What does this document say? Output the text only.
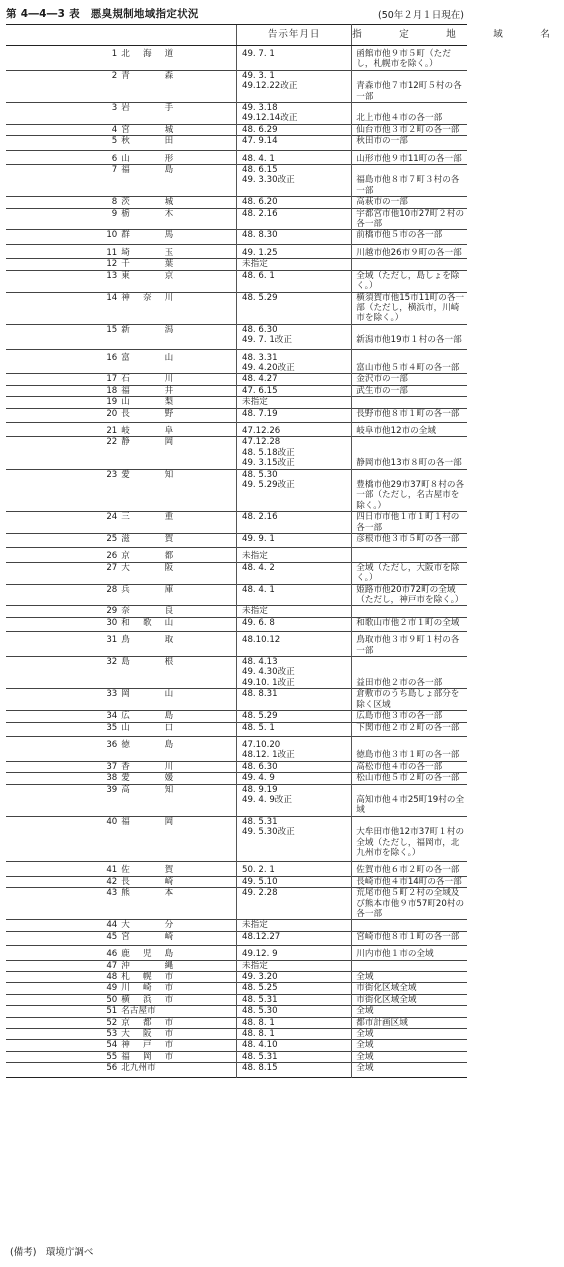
第 4―4―3 表　悪臭規制地域指定状況	(50年２月１日現在)
		告示年月日	指　定　地　域　名
1	北 海 道	49. 7. 1	函館市他９市５町（ただし，札幌市を除く。）
2	青 森	49. 3. 1
49.12.22改正	青森市他７市12町５村の各一部
3	岩 手	49. 3.18
49.12.14改正	北上市他４市の各一部
4	宮 城	48. 6.29	仙台市他３市２町の各一部
5	秋 田	47. 9.14	秋田市の一部
6	山 形	48. 4. 1	山形市他９市11町の各一部
7	福 島	48. 6.15
49. 3.30改正	福島市他８市７町３村の各一部
8	茨 城	48. 6.20	高萩市の一部
9	栃 木	48. 2.16	宇都宮市他10市27町２村の各一部
10	群 馬	48. 8.30	前橋市他５市の各一部
11	埼 玉	49. 1.25	川越市他26市９町の各一部
12	千 葉	未指定	

13	東 京	48. 6. 1	全域（ただし，島しょを除く。）
14	神 奈 川	48. 5.29	横須賀市他15市11町の各一部（ただし，横浜市，川崎市を除く。）
15	新 潟	48. 6.30
49. 7. 1改正	新潟市他19市１村の各一部
16	富 山	48. 3.31
49. 4.20改正	富山市他５市４町の各一部
17	石 川	48. 4.27	金沢市の一部
18	福 井	47. 6.15	武生市の一部
19	山 梨	未指定	

20	長 野	48. 7.19	長野市他８市１町の各一部
21	岐 阜	47.12.26	岐阜市他12市の全域
22	静 岡	47.12.28
48. 5.18改正
49. 3.15改正	静岡市他13市８町の各一部
23	愛 知	48. 5.30
49. 5.29改正	豊橋市他29市37町８村の各一部（ただし，名古屋市を除く。）
24	三 重	48. 2.16	四日市市他１市１町１村の各一部
25	滋 賀	49. 9. 1	彦根市他３市５町の各一部
26	京 都	未指定	

27	大 阪	48. 4. 2	全域（ただし，大阪市を除く。）
28	兵 庫	48. 4. 1	姫路市他20市72町の全域（ただし，神戸市を除く。）
29	奈 良	未指定	

30	和 歌 山	49. 6. 8	和歌山市他２市１町の全域
31	鳥 取	48.10.12	鳥取市他３市９町１村の各一部
32	島 根	48. 4.13
49. 4.30改正
49.10. 1改正	益田市他２市の各一部
33	岡 山	48. 8.31	倉敷市のうち島しょ部分を除く区域
34	広 島	48. 5.29	広島市他３市の各一部
35	山 口	48. 5. 1	下関市他２市２町の各一部
36	徳 島	47.10.20
48.12. 1改正	徳島市他３市１町の各一部
37	香 川	48. 6.30	高松市他４市の各一部
38	愛 媛	49. 4. 9	松山市他５市２町の各一部
39	高 知	48. 9.19
49. 4. 9改正	高知市他４市25町19村の全域
40	福 岡	48. 5.31
49. 5.30改正	大牟田市他12市37町１村の全域（ただし，福岡市，北九州市を除く。）
41	佐 賀	50. 2. 1	佐賀市他６市２町の各一部
42	長 崎	49. 5.10	長崎市他４市14町の各一部
43	熊 本	49. 2.28	荒尾市他５町２村の全域及び熊本市他９市57町20村の各一部
44	大 分	未指定	

45	宮 崎	48.12.27	宮崎市他８市１町の各一部
46	鹿 児 島	49.12. 9	川内市他１市の全域
47	沖 縄	未指定	

48	札 幌 市	49. 3.20	全域
49	川 崎 市	48. 5.25	市街化区域全域
50	横 浜 市	48. 5.31	市街化区域全域
51	名 古 屋 市	48. 5.30	全域
52	京 都 市	48. 8. 1	都市計画区域
53	大 阪 市	48. 8. 1	全域
54	神 戸 市	48. 4.10	全域
55	福 岡 市	48. 5.31	全域
56	北 九 州 市	48. 8.15	全域

(備考)　環境庁調べ
